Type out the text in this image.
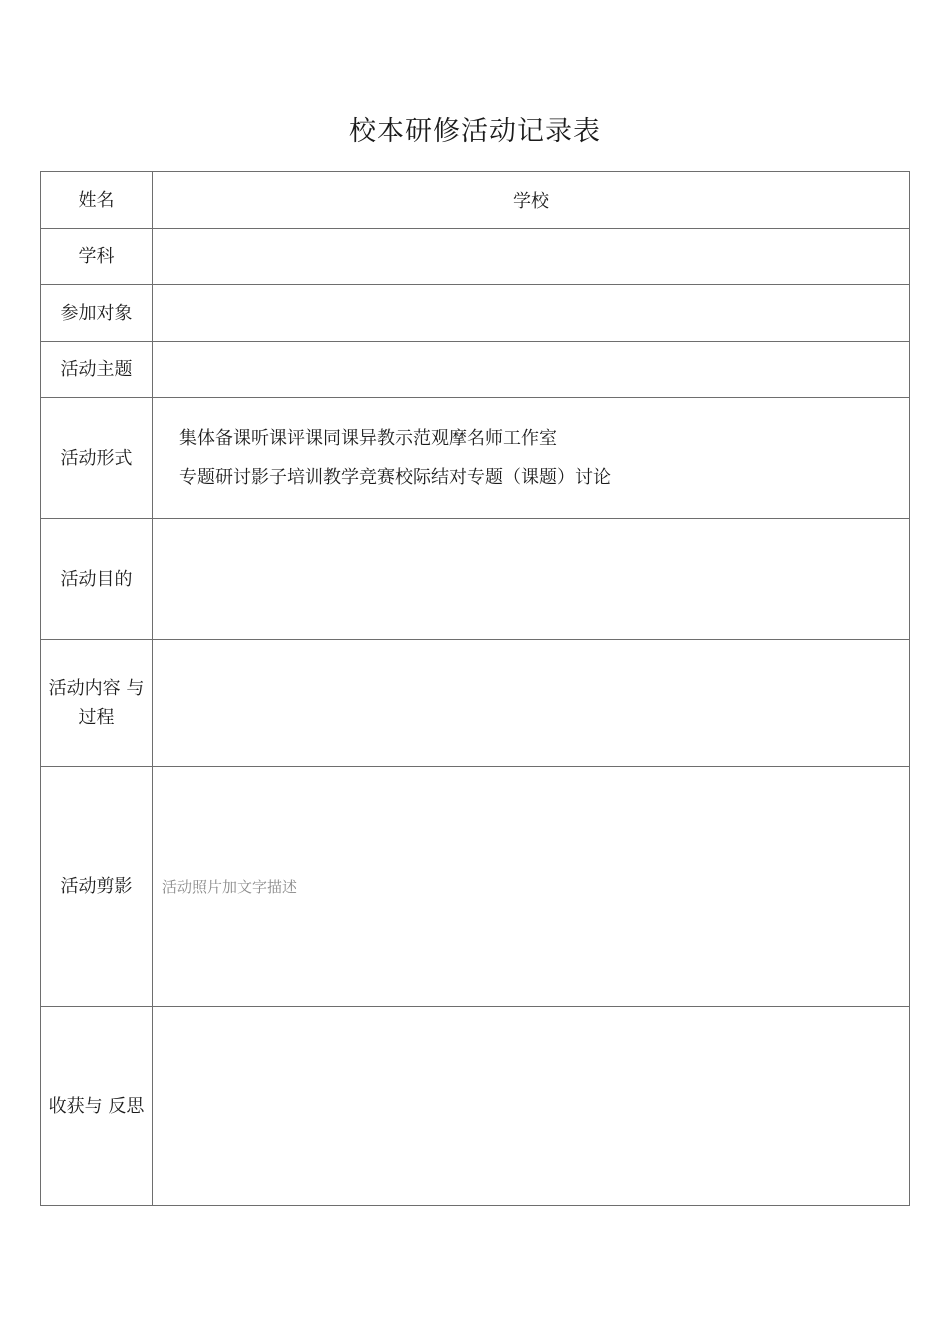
校本研修活动记录表
姓名	学校
学科	
参加对象	
活动主题	
活动形式	集体备课听课评课同课异教示范观摩名师工作室
专题研讨影子培训教学竞赛校际结对专题（课题）讨论

活动目的	
活动内容 与过程	
活动剪影	活动照片加文字描述

收获与 反思	
